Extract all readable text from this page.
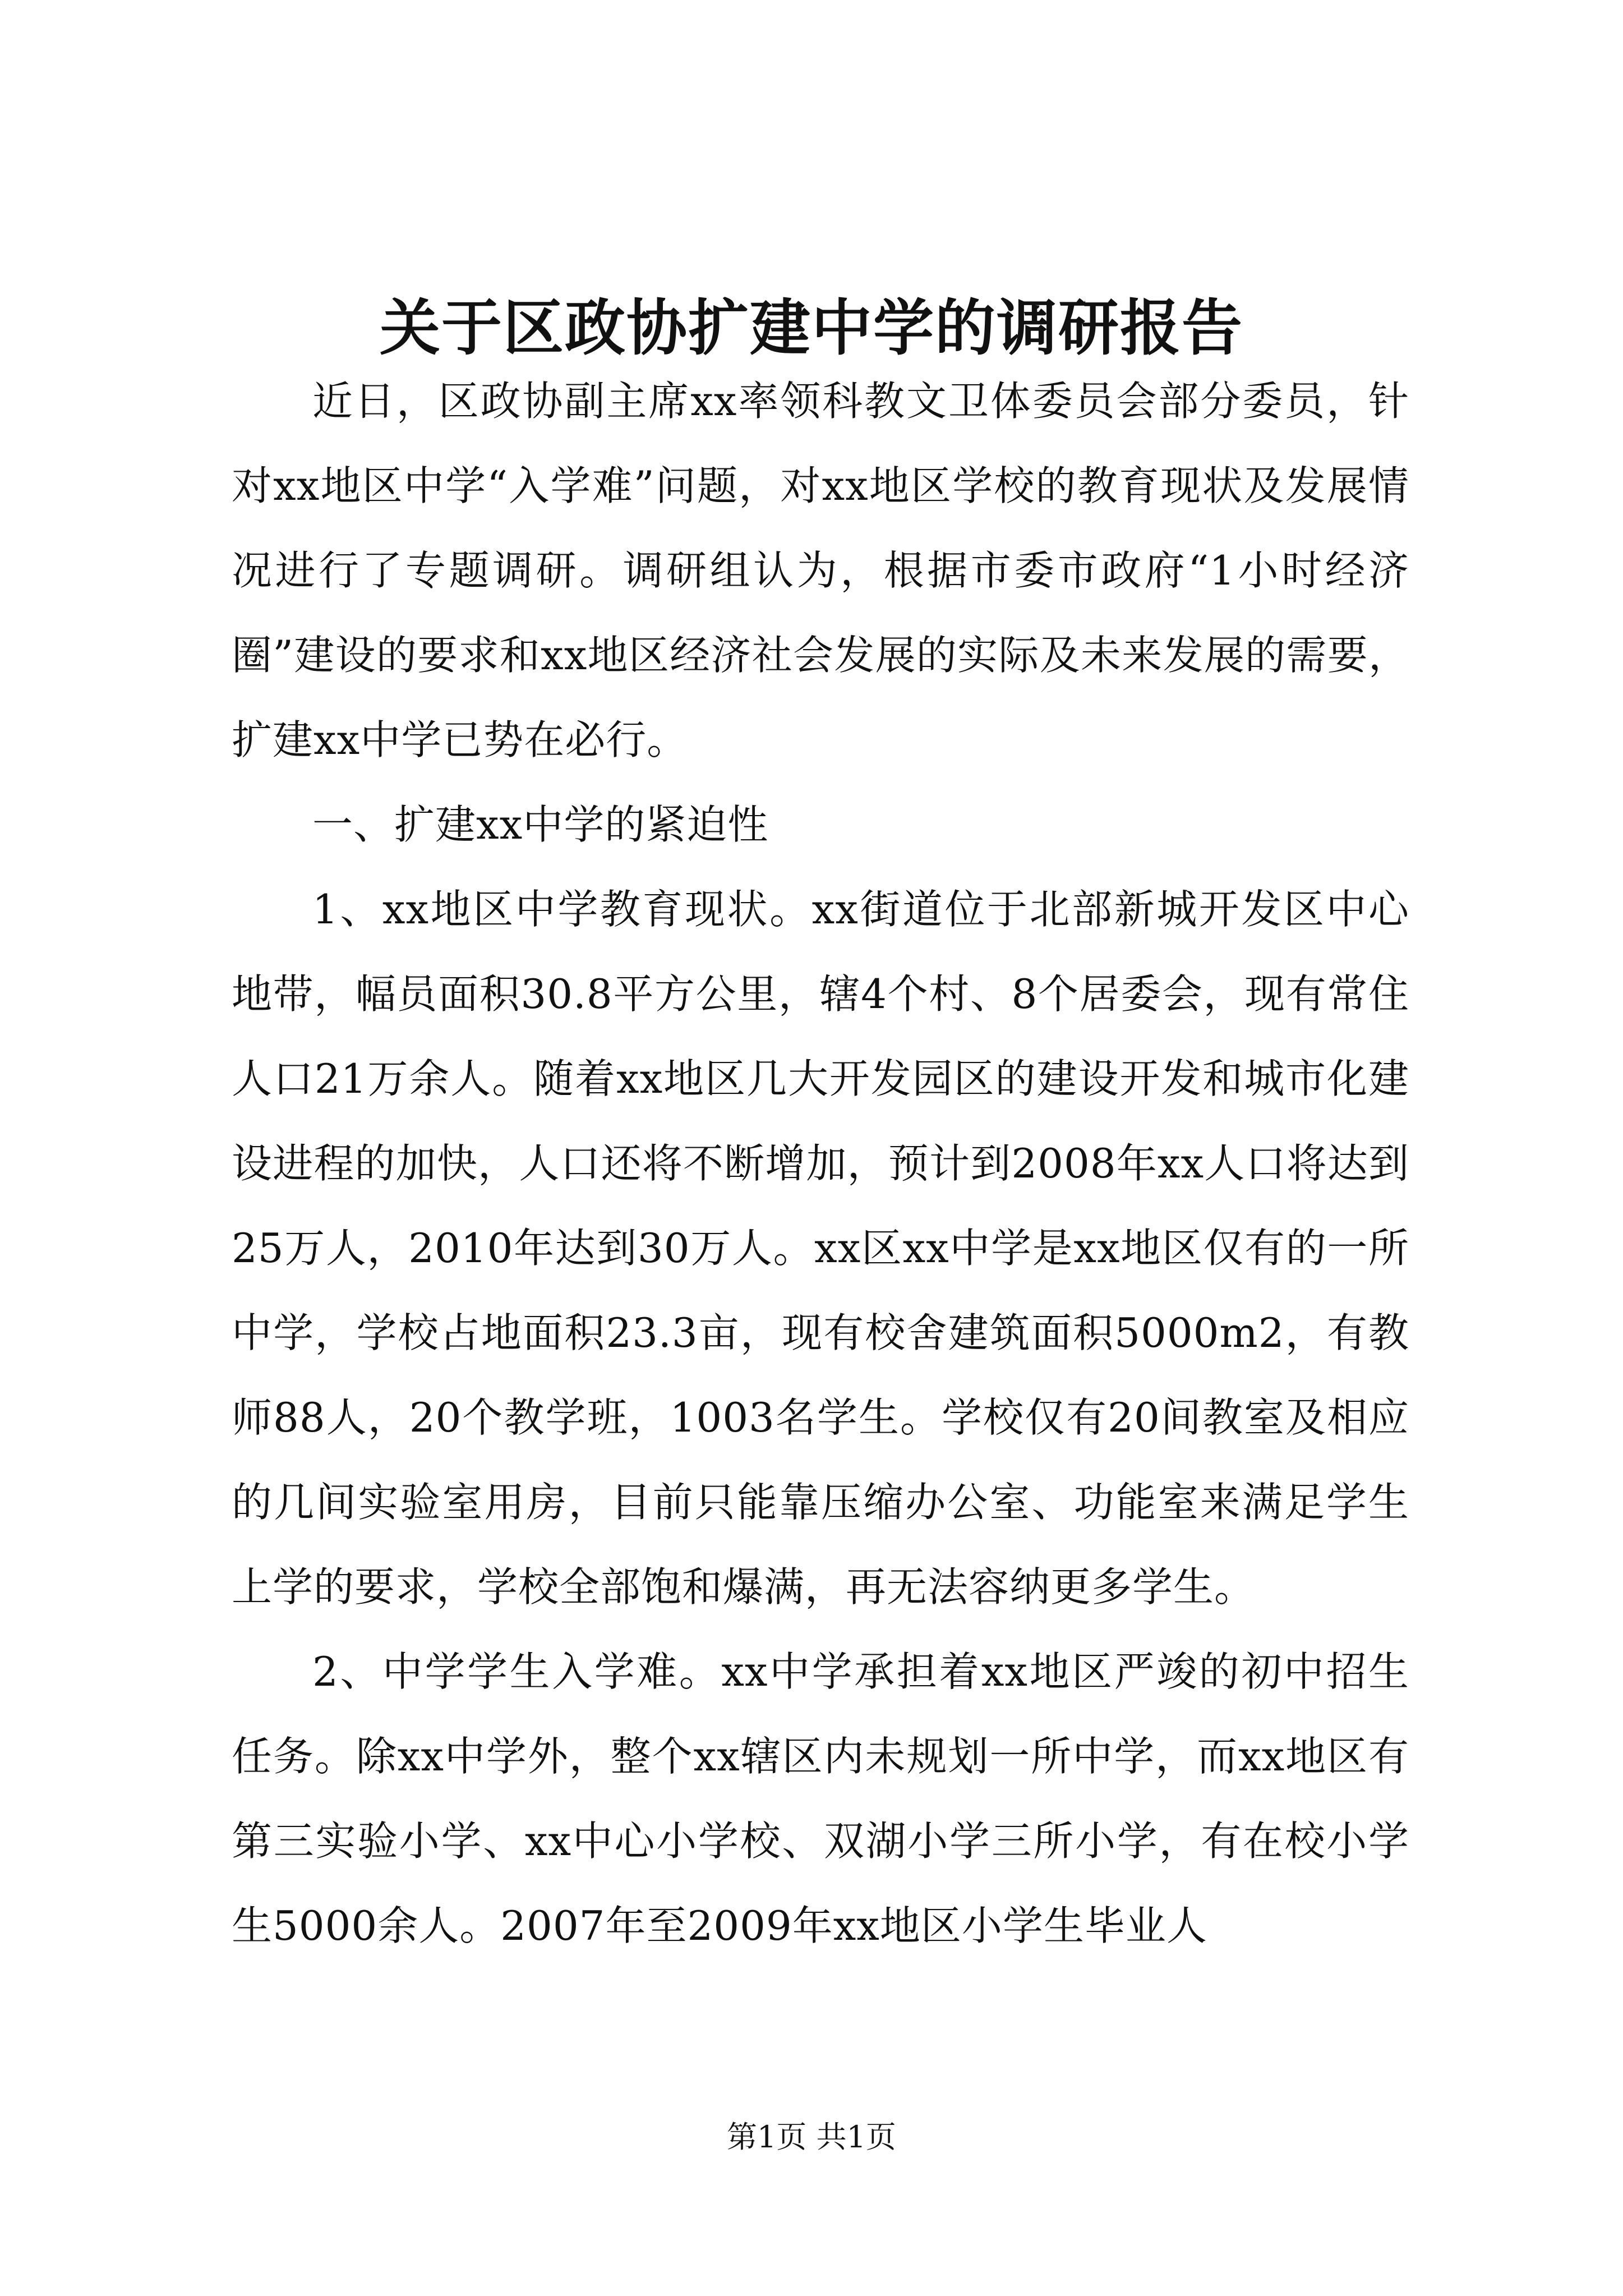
关于区政协扩建中学的调研报告

近日，区政协副主席xx率领科教文卫体委员会部分委员，针对xx地区中学“入学难”问题，对xx地区学校的教育现状及发展情况进行了专题调研。调研组认为，根据市委市政府“1小时经济圈”建设的要求和xx地区经济社会发展的实际及未来发展的需要，扩建xx中学已势在必行。

一、扩建xx中学的紧迫性

1、xx地区中学教育现状。xx街道位于北部新城开发区中心地带，幅员面积30.8平方公里，辖4个村、8个居委会，现有常住人口21万余人。随着xx地区几大开发园区的建设开发和城市化建设进程的加快，人口还将不断增加，预计到2008年xx人口将达到25万人，2010年达到30万人。xx区xx中学是xx地区仅有的一所中学，学校占地面积23.3亩，现有校舍建筑面积5000m2，有教师88人，20个教学班，1003名学生。学校仅有20间教室及相应的几间实验室用房，目前只能靠压缩办公室、功能室来满足学生上学的要求，学校全部饱和爆满，再无法容纳更多学生。

2、中学学生入学难。xx中学承担着xx地区严竣的初中招生任务。除xx中学外，整个xx辖区内未规划一所中学，而xx地区有第三实验小学、xx中心小学校、双湖小学三所小学，有在校小学生5000余人。2007年至2009年xx地区小学生毕业人

第1页 共1页
